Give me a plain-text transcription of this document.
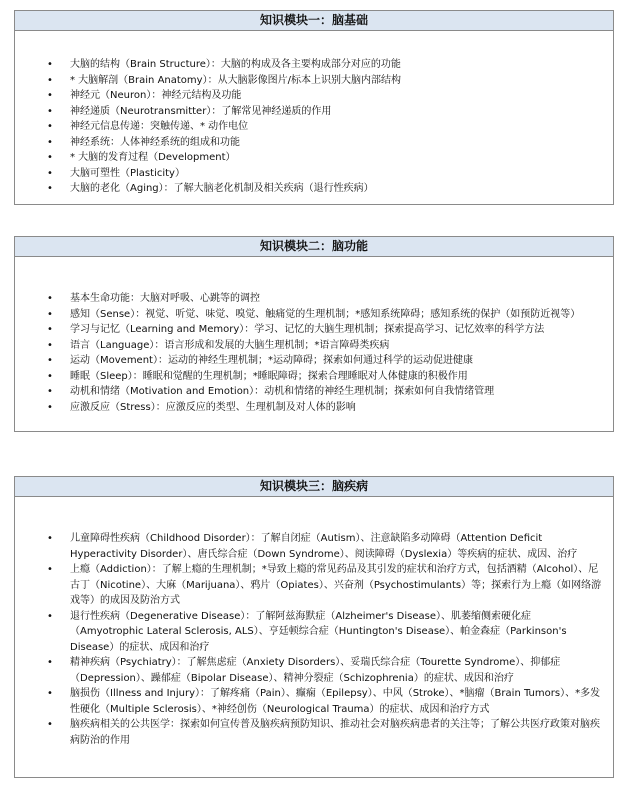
知识模块一：脑基础
• 大脑的结构（Brain Structure）：大脑的构成及各主要构成部分对应的功能
• * 大脑解剖（Brain Anatomy）：从大脑影像图片/标本上识别大脑内部结构
• 神经元（Neuron）：神经元结构及功能
• 神经递质（Neurotransmitter）：了解常见神经递质的作用
• 神经元信息传递：突触传递、* 动作电位
• 神经系统：人体神经系统的组成和功能
• * 大脑的发育过程（Development）
• 大脑可塑性（Plasticity）
• 大脑的老化（Aging）：了解大脑老化机制及相关疾病（退行性疾病）
知识模块二：脑功能
• 基本生命功能：大脑对呼吸、心跳等的调控
• 感知（Sense）：视觉、听觉、味觉、嗅觉、触痛觉的生理机制；*感知系统障碍；感知系统的保护（如预防近视等）
• 学习与记忆（Learning and Memory）：学习、记忆的大脑生理机制；探索提高学习、记忆效率的科学方法
• 语言（Language）：语言形成和发展的大脑生理机制；*语言障碍类疾病
• 运动（Movement）：运动的神经生理机制；*运动障碍；探索如何通过科学的运动促进健康
• 睡眠（Sleep）：睡眠和觉醒的生理机制；*睡眠障碍；探索合理睡眠对人体健康的积极作用
• 动机和情绪（Motivation and Emotion）：动机和情绪的神经生理机制；探索如何自我情绪管理
• 应激反应（Stress）：应激反应的类型、生理机制及对人体的影响
知识模块三：脑疾病
• 儿童障碍性疾病（Childhood Disorder）：了解自闭症（Autism）、注意缺陷多动障碍（Attention Deficit Hyperactivity Disorder）、唐氏综合症（Down Syndrome）、阅读障碍（Dyslexia）等疾病的症状、成因、治疗
• 上瘾（Addiction）：了解上瘾的生理机制；*导致上瘾的常见药品及其引发的症状和治疗方式，包括酒精（Alcohol）、尼古丁（Nicotine）、大麻（Marijuana）、鸦片（Opiates）、兴奋剂（Psychostimulants）等；探索行为上瘾（如网络游戏等）的成因及防治方式
• 退行性疾病（Degenerative Disease）：了解阿兹海默症（Alzheimer's Disease）、肌萎缩侧索硬化症（Amyotrophic Lateral Sclerosis, ALS）、亨廷顿综合症（Huntington's Disease）、帕金森症（Parkinson's Disease）的症状、成因和治疗
• 精神疾病（Psychiatry）：了解焦虑症（Anxiety Disorders）、妥瑞氏综合症（Tourette Syndrome）、抑郁症（Depression）、躁郁症（Bipolar Disease）、精神分裂症（Schizophrenia）的症状、成因和治疗
• 脑损伤（Illness and Injury）：了解疼痛（Pain）、癫痫（Epilepsy）、中风（Stroke）、*脑瘤（Brain Tumors）、*多发性硬化（Multiple Sclerosis）、*神经创伤（Neurological Trauma）的症状、成因和治疗方式
• 脑疾病相关的公共医学：探索如何宣传普及脑疾病预防知识、推动社会对脑疾病患者的关注等；了解公共医疗政策对脑疾病防治的作用
